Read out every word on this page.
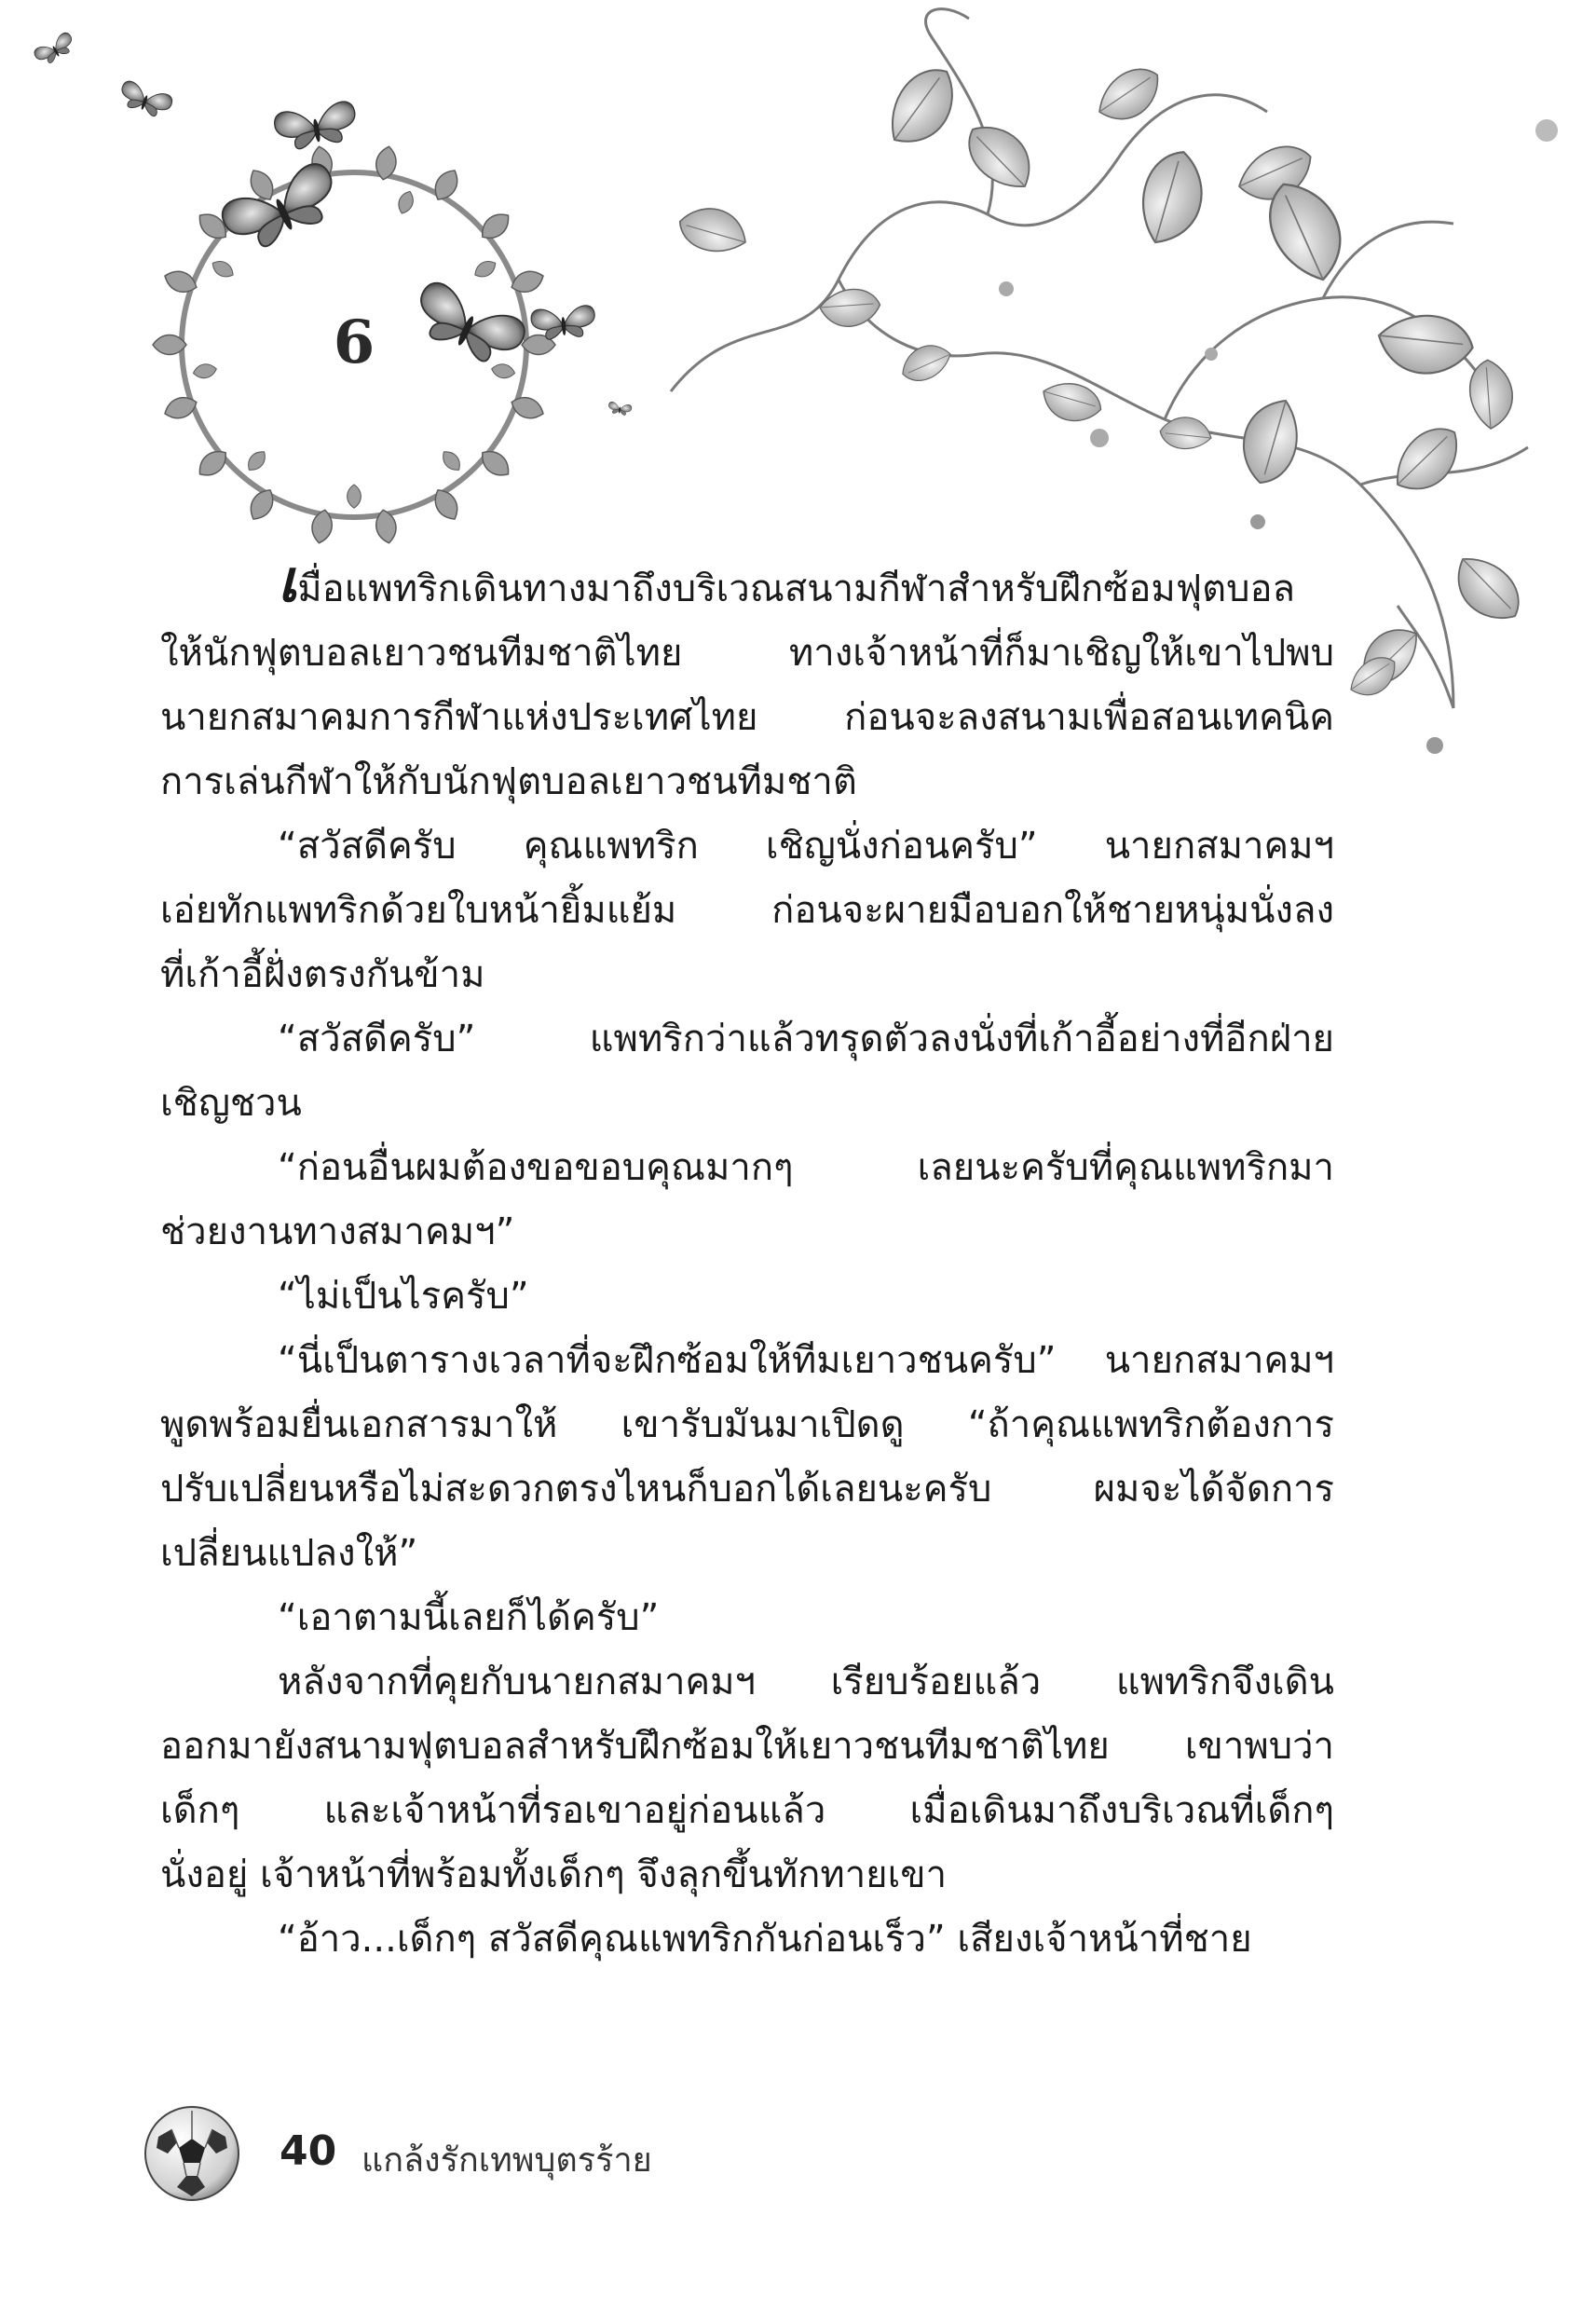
6
เมื่อแพทริกเดินทางมาถึงบริเวณสนามกีฬาสำหรับฝึกซ้อมฟุตบอล
ให้นักฟุตบอลเยาวชนทีมชาติไทย ทางเจ้าหน้าที่ก็มาเชิญให้เขาไปพบ
นายกสมาคมการกีฬาแห่งประเทศไทย ก่อนจะลงสนามเพื่อสอนเทคนิค
การเล่นกีฬาให้กับนักฟุตบอลเยาวชนทีมชาติ
“สวัสดีครับ คุณแพทริก เชิญนั่งก่อนครับ” นายกสมาคมฯ
เอ่ยทักแพทริกด้วยใบหน้ายิ้มแย้ม ก่อนจะผายมือบอกให้ชายหนุ่มนั่งลง
ที่เก้าอี้ฝั่งตรงกันข้าม
“สวัสดีครับ” แพทริกว่าแล้วทรุดตัวลงนั่งที่เก้าอี้อย่างที่อีกฝ่าย
เชิญชวน
“ก่อนอื่นผมต้องขอขอบคุณมากๆ เลยนะครับที่คุณแพทริกมา
ช่วยงานทางสมาคมฯ”
“ไม่เป็นไรครับ”
“นี่เป็นตารางเวลาที่จะฝึกซ้อมให้ทีมเยาวชนครับ” นายกสมาคมฯ
พูดพร้อมยื่นเอกสารมาให้ เขารับมันมาเปิดดู “ถ้าคุณแพทริกต้องการ
ปรับเปลี่ยนหรือไม่สะดวกตรงไหนก็บอกได้เลยนะครับ ผมจะได้จัดการ
เปลี่ยนแปลงให้”
“เอาตามนี้เลยก็ได้ครับ”
หลังจากที่คุยกับนายกสมาคมฯ เรียบร้อยแล้ว แพทริกจึงเดิน
ออกมายังสนามฟุตบอลสำหรับฝึกซ้อมให้เยาวชนทีมชาติไทย เขาพบว่า
เด็กๆ และเจ้าหน้าที่รอเขาอยู่ก่อนแล้ว เมื่อเดินมาถึงบริเวณที่เด็กๆ
นั่งอยู่ เจ้าหน้าที่พร้อมทั้งเด็กๆ จึงลุกขึ้นทักทายเขา
“อ้าว...เด็กๆ สวัสดีคุณแพทริกกันก่อนเร็ว” เสียงเจ้าหน้าที่ชาย
40 แกล้งรักเทพบุตรร้าย
